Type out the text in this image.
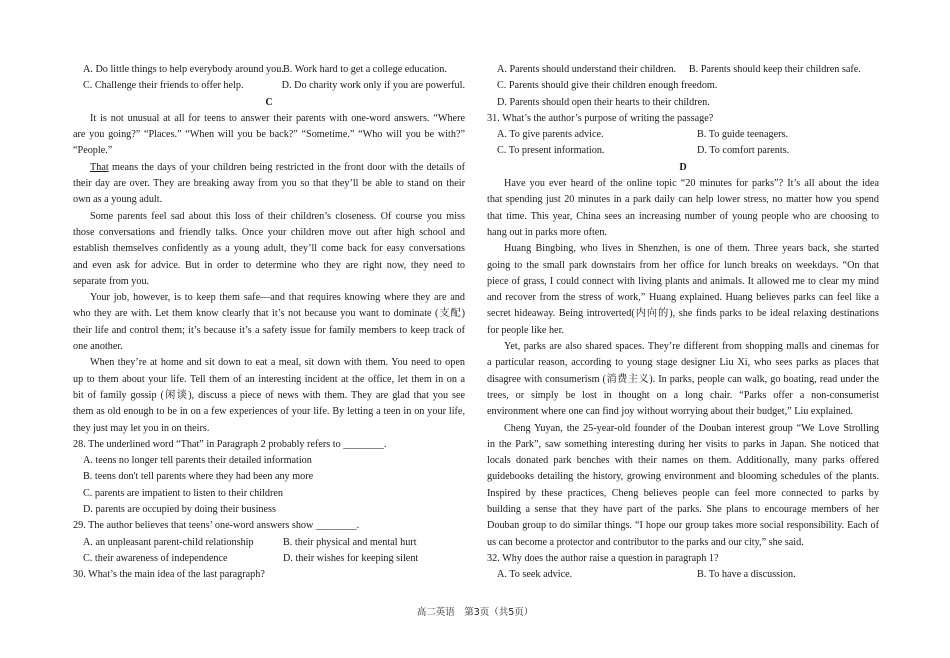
A. Do little things to help everybody around you. B. Work hard to get a college education.
C. Challenge their friends to offer help.	D. Do charity work only if you are powerful.
C
It is not unusual at all for teens to answer their parents with one-word answers. “Where
are you going?” “Places.” “When will you be back?” “Sometime.” “Who will you be with?”
“People.”
That means the days of your children being restricted in the front door with the details of
their day are over. They are breaking away from you so that they’ll be able to stand on their
own as a young adult.
Some parents feel sad about this loss of their children’s closeness. Of course you miss
those conversations and friendly talks. Once your children move out after high school and
establish themselves confidently as a young adult, they’ll come back for easy conversations
and even ask for advice. But in order to determine who they are right now, they need to
separate from you.
Your job, however, is to keep them safe—and that requires knowing where they are and
who they are with. Let them know clearly that it’s not because you want to dominate (支配)
their life and control them; it’s because it’s a safety issue for family members to keep track of
one another.
When they’re at home and sit down to eat a meal, sit down with them. You need to open
up to them about your life. Tell them of an interesting incident at the office, let them in on a
bit of family gossip (闲谈), discuss a piece of news with them. They are glad that you see
them as old enough to be in on a few experiences of your life. By letting a teen in on your life,
they just may let you in on theirs.
28. The underlined word “That” in Paragraph 2 probably refers to ________.
A. teens no longer tell parents their detailed information
B. teens don't tell parents where they had been any more
C. parents are impatient to listen to their children
D. parents are occupied by doing their business
29. The author believes that teens’ one-word answers show ________.
A. an unpleasant parent-child relationship	B. their physical and mental hurt
C. their awareness of independence	D. their wishes for keeping silent
30. What’s the main idea of the last paragraph?
A. Parents should understand their children. B. Parents should keep their children safe.
C. Parents should give their children enough freedom.
D. Parents should open their hearts to their children.
31. What’s the author’s purpose of writing the passage?
A. To give parents advice.	B. To guide teenagers.
C. To present information.	D. To comfort parents.
D
Have you ever heard of the online topic “20 minutes for parks”? It’s all about the idea
that spending just 20 minutes in a park daily can help lower stress, no matter how you spend
that time. This year, China sees an increasing number of young people who are choosing to
hang out in parks more often.
Huang Bingbing, who lives in Shenzhen, is one of them. Three years back, she started
going to the small park downstairs from her office for lunch breaks on weekdays. “On that
piece of grass, I could connect with living plants and animals. It allowed me to clear my mind
and recover from the stress of work,” Huang explained. Huang believes parks can feel like a
secret hideaway. Being introverted(内向的), she finds parks to be ideal relaxing destinations
for people like her.
Yet, parks are also shared spaces. They’re different from shopping malls and cinemas for
a particular reason, according to young stage designer Liu Xi, who sees parks as places that
disagree with consumerism (消费主义). In parks, people can walk, go boating, read under the
trees, or simply be lost in thought on a long chair. “Parks offer a non-consumerist
environment where one can find joy without worrying about their budget,” Liu explained.
Cheng Yuyan, the 25-year-old founder of the Douban interest group “We Love Strolling
in the Park”, saw something interesting during her visits to parks in Japan. She noticed that
locals donated park benches with their names on them. Additionally, many parks offered
guidebooks detailing the history, growing environment and blooming schedules of the plants.
Inspired by these practices, Cheng believes people can feel more connected to parks by
building a sense that they have part of the parks. She plans to encourage members of her
Douban group to do similar things. “I hope our group takes more social responsibility. Each of
us can become a protector and contributor to the parks and our city,” she said.
32. Why does the author raise a question in paragraph 1?
A. To seek advice.	B. To have a discussion.
高二英语　第3页（共5页）
